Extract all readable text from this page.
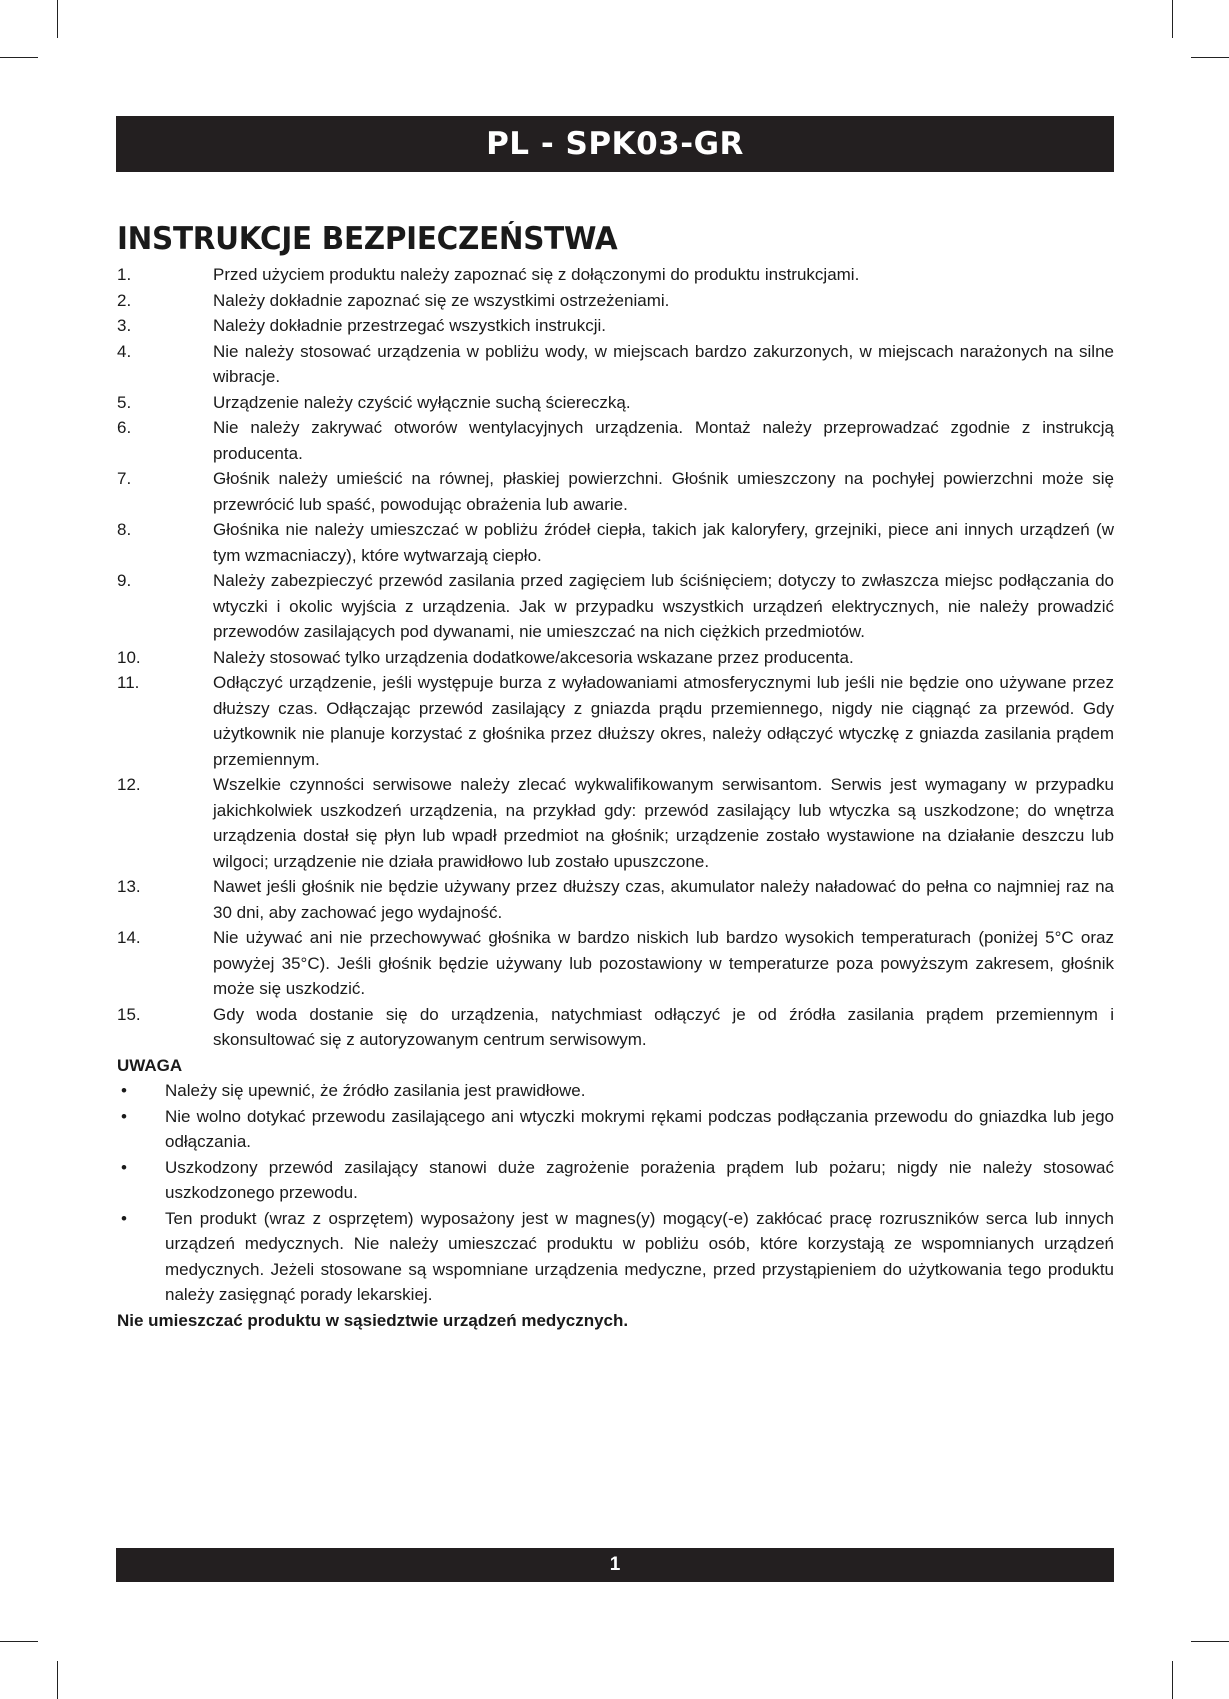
PL - SPK03-GR
INSTRUKCJE BEZPIECZEŃSTWA
1.	Przed użyciem produktu należy zapoznać się z dołączonymi do produktu instrukcjami.
2.	Należy dokładnie zapoznać się ze wszystkimi ostrzeżeniami.
3.	Należy dokładnie przestrzegać wszystkich instrukcji.
4.	Nie należy stosować urządzenia w pobliżu wody, w miejscach bardzo zakurzonych, w miejscach narażonych na silne wibracje.
5.	Urządzenie należy czyścić wyłącznie suchą ściereczką.
6.	Nie należy zakrywać otworów wentylacyjnych urządzenia. Montaż należy przeprowadzać zgodnie z instrukcją producenta.
7.	Głośnik należy umieścić na równej, płaskiej powierzchni. Głośnik umieszczony na pochyłej powierzchni może się przewrócić lub spaść, powodując obrażenia lub awarie.
8.	Głośnika nie należy umieszczać w pobliżu źródeł ciepła, takich jak kaloryfery, grzejniki, piece ani innych urządzeń (w tym wzmacniaczy), które wytwarzają ciepło.
9.	Należy zabezpieczyć przewód zasilania przed zagięciem lub ściśnięciem; dotyczy to zwłaszcza miejsc podłączania do wtyczki i okolic wyjścia z urządzenia. Jak w przypadku wszystkich urządzeń elektrycznych, nie należy prowadzić przewodów zasilających pod dywanami, nie umieszczać na nich ciężkich przedmiotów.
10.	Należy stosować tylko urządzenia dodatkowe/akcesoria wskazane przez producenta.
11.	Odłączyć urządzenie, jeśli występuje burza z wyładowaniami atmosferycznymi lub jeśli nie będzie ono używane przez dłuższy czas. Odłączając przewód zasilający z gniazda prądu przemiennego, nigdy nie ciągnąć za przewód. Gdy użytkownik nie planuje korzystać z głośnika przez dłuższy okres, należy odłączyć wtyczkę z gniazda zasilania prądem przemiennym.
12.	Wszelkie czynności serwisowe należy zlecać wykwalifikowanym serwisantom. Serwis jest wymagany w przypadku jakichkolwiek uszkodzeń urządzenia, na przykład gdy: przewód zasilający lub wtyczka są uszkodzone; do wnętrza urządzenia dostał się płyn lub wpadł przedmiot na głośnik; urządzenie zostało wystawione na działanie deszczu lub wilgoci; urządzenie nie działa prawidłowo lub zostało upuszczone.
13.	Nawet jeśli głośnik nie będzie używany przez dłuższy czas, akumulator należy naładować do pełna co najmniej raz na 30 dni, aby zachować jego wydajność.
14.	Nie używać ani nie przechowywać głośnika w bardzo niskich lub bardzo wysokich temperaturach (poniżej 5°C oraz powyżej 35°C). Jeśli głośnik będzie używany lub pozostawiony w temperaturze poza powyższym zakresem, głośnik może się uszkodzić.
15.	Gdy woda dostanie się do urządzenia, natychmiast odłączyć je od źródła zasilania prądem przemiennym i skonsultować się z autoryzowanym centrum serwisowym.

UWAGA

•	Należy się upewnić, że źródło zasilania jest prawidłowe.
•	Nie wolno dotykać przewodu zasilającego ani wtyczki mokrymi rękami podczas podłączania przewodu do gniazdka lub jego odłączania.
•	Uszkodzony przewód zasilający stanowi duże zagrożenie porażenia prądem lub pożaru; nigdy nie należy stosować uszkodzonego przewodu.
•	Ten produkt (wraz z osprzętem) wyposażony jest w magnes(y) mogący(-e) zakłócać pracę rozruszników serca lub innych urządzeń medycznych. Nie należy umieszczać produktu w pobliżu osób, które korzystają ze wspomnianych urządzeń medycznych. Jeżeli stosowane są wspomniane urządzenia medyczne, przed przystąpieniem do użytkowania tego produktu należy zasięgnąć porady lekarskiej.

Nie umieszczać produktu w sąsiedztwie urządzeń medycznych.

1
